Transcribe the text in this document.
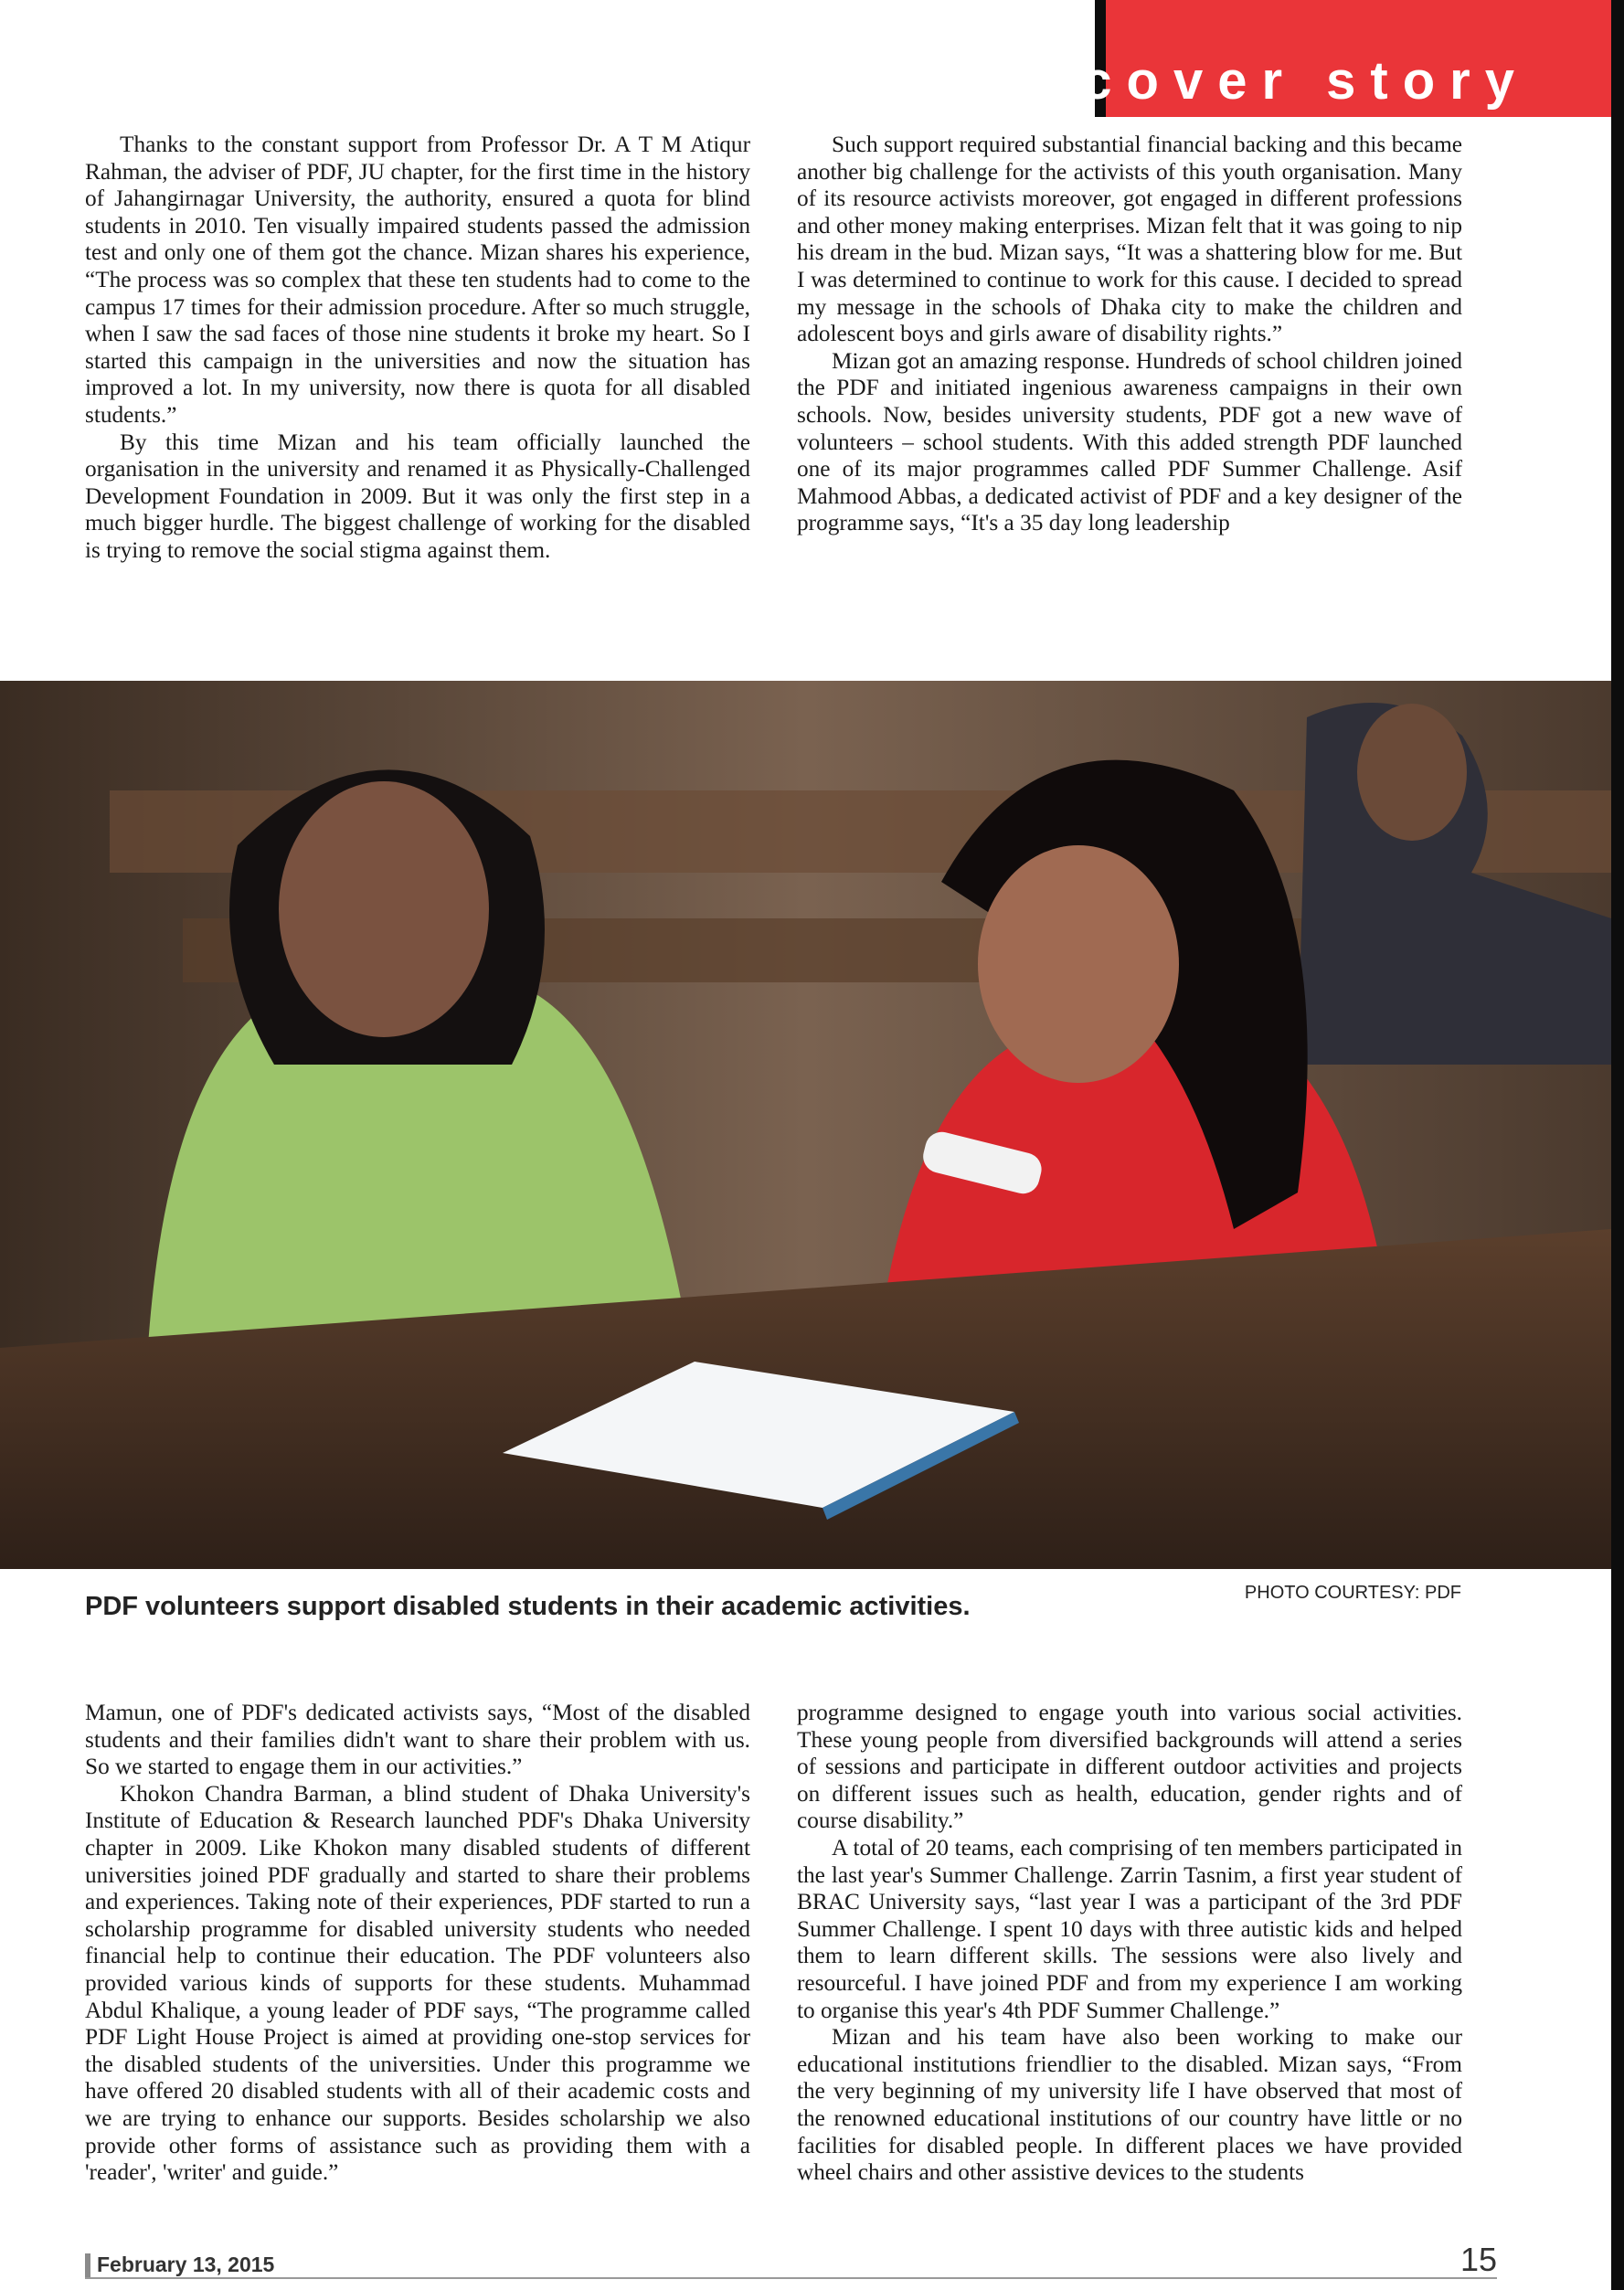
cover story

Thanks to the constant support from Professor Dr. A T M Atiqur Rahman, the adviser of PDF, JU chapter, for the first time in the history of Jahangirnagar University, the authority, ensured a quota for blind students in 2010. Ten visually impaired students passed the admission test and only one of them got the chance. Mizan shares his experience, “The process was so complex that these ten students had to come to the campus 17 times for their admission procedure. After so much struggle, when I saw the sad faces of those nine students it broke my heart. So I started this campaign in the universities and now the situation has improved a lot. In my university, now there is quota for all disabled students.”

By this time Mizan and his team officially launched the organisation in the university and renamed it as Physically-Challenged Development Foundation in 2009. But it was only the first step in a much bigger hurdle. The biggest challenge of working for the disabled is trying to remove the social stigma against them.

Such support required substantial financial backing and this became another big challenge for the activists of this youth organisation. Many of its resource activists moreover, got engaged in different professions and other money making enterprises. Mizan felt that it was going to nip his dream in the bud. Mizan says, “It was a shattering blow for me. But I was determined to continue to work for this cause. I decided to spread my message in the schools of Dhaka city to make the children and adolescent boys and girls aware of disability rights.”

Mizan got an amazing response. Hundreds of school children joined the PDF and initiated ingenious awareness campaigns in their own schools. Now, besides university students, PDF got a new wave of volunteers – school students. With this added strength PDF launched one of its major programmes called PDF Summer Challenge. Asif Mahmood Abbas, a dedicated activist of PDF and a key designer of the programme says, “It's a 35 day long leadership

PHOTO COURTESY: PDF
PDF volunteers support disabled students in their academic activities.

Mamun, one of PDF's dedicated activists says, “Most of the disabled students and their families didn't want to share their problem with us. So we started to engage them in our activities.”

Khokon Chandra Barman, a blind student of Dhaka University's Institute of Education & Research launched PDF's Dhaka University chapter in 2009. Like Khokon many disabled students of different universities joined PDF gradually and started to share their problems and experiences. Taking note of their experiences, PDF started to run a scholarship programme for disabled university students who needed financial help to continue their education. The PDF volunteers also provided various kinds of supports for these students. Muhammad Abdul Khalique, a young leader of PDF says, “The programme called PDF Light House Project is aimed at providing one-stop services for the disabled students of the universities. Under this programme we have offered 20 disabled students with all of their academic costs and we are trying to enhance our supports. Besides scholarship we also provide other forms of assistance such as providing them with a 'reader', 'writer' and guide.”

programme designed to engage youth into various social activities. These young people from diversified backgrounds will attend a series of sessions and participate in different outdoor activities and projects on different issues such as health, education, gender rights and of course disability.”

A total of 20 teams, each comprising of ten members participated in the last year's Summer Challenge. Zarrin Tasnim, a first year student of BRAC University says, “last year I was a participant of the 3rd PDF Summer Challenge. I spent 10 days with three autistic kids and helped them to learn different skills. The sessions were also lively and resourceful. I have joined PDF and from my experience I am working to organise this year's 4th PDF Summer Challenge.”

Mizan and his team have also been working to make our educational institutions friendlier to the disabled. Mizan says, “From the very beginning of my university life I have observed that most of the renowned educational institutions of our country have little or no facilities for disabled people. In different places we have provided wheel chairs and other assistive devices to the students

February 13, 2015	15
